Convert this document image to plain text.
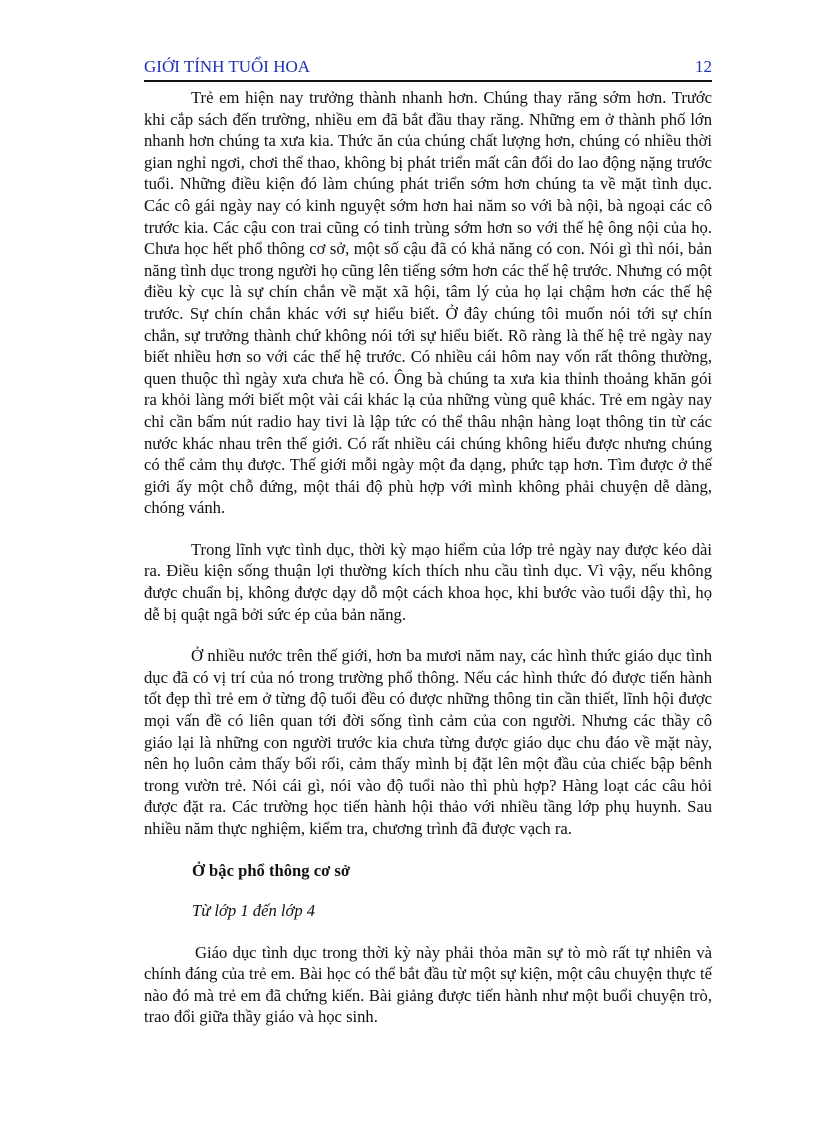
GIỚI TÍNH TUỔI HOA	12

Trẻ em hiện nay trưởng thành nhanh hơn. Chúng thay răng sớm hơn. Trước khi cắp sách đến trường, nhiều em đã bắt đầu thay răng. Những em ở thành phố lớn nhanh hơn chúng ta xưa kia. Thức ăn của chúng chất lượng hơn, chúng có nhiều thời gian nghỉ ngơi, chơi thể thao, không bị phát triển mất cân đối do lao động nặng trước tuổi. Những điều kiện đó làm chúng phát triển sớm hơn chúng ta về mặt tình dục. Các cô gái ngày nay có kinh nguyệt sớm hơn hai năm so với bà nội, bà ngoại các cô trước kia. Các cậu con trai cũng có tinh trùng sớm hơn so với thế hệ ông nội của họ. Chưa học hết phổ thông cơ sở, một số cậu đã có khả năng có con. Nói gì thì nói, bản năng tình dục trong người họ cũng lên tiếng sớm hơn các thế hệ trước. Nhưng có một điều kỳ cục là sự chín chắn về mặt xã hội, tâm lý của họ lại chậm hơn các thế hệ trước. Sự chín chắn khác với sự hiểu biết. Ở đây chúng tôi muốn nói tới sự chín chắn, sự trưởng thành chứ không nói tới sự hiểu biết. Rõ ràng là thế hệ trẻ ngày nay biết nhiều hơn so với các thế hệ trước. Có nhiều cái hôm nay vốn rất thông thường, quen thuộc thì ngày xưa chưa hề có. Ông bà chúng ta xưa kia thỉnh thoảng khăn gói ra khỏi làng mới biết một vài cái khác lạ của những vùng quê khác. Trẻ em ngày nay chỉ cần bấm nút radio hay tivi là lập tức có thể thâu nhận hàng loạt thông tin từ các nước khác nhau trên thế giới. Có rất nhiều cái chúng không hiểu được nhưng chúng có thể cảm thụ được. Thế giới mỗi ngày một đa dạng, phức tạp hơn. Tìm được ở thế giới ấy một chỗ đứng, một thái độ phù hợp với mình không phải chuyện dễ dàng, chóng vánh.

Trong lĩnh vực tình dục, thời kỳ mạo hiểm của lớp trẻ ngày nay được kéo dài ra. Điều kiện sống thuận lợi thường kích thích nhu cầu tình dục. Vì vậy, nếu không được chuẩn bị, không được dạy dỗ một cách khoa học, khi bước vào tuổi dậy thì, họ dễ bị quật ngã bởi sức ép của bản năng.

Ở nhiều nước trên thế giới, hơn ba mươi năm nay, các hình thức giáo dục tình dục đã có vị trí của nó trong trường phổ thông. Nếu các hình thức đó được tiến hành tốt đẹp thì trẻ em ở từng độ tuổi đều có được những thông tin cần thiết, lĩnh hội được mọi vấn đề có liên quan tới đời sống tình cảm của con người. Nhưng các thầy cô giáo lại là những con người trước kia chưa từng được giáo dục chu đáo về mặt này, nên họ luôn cảm thấy bối rối, cảm thấy mình bị đặt lên một đầu của chiếc bập bênh trong vườn trẻ. Nói cái gì, nói vào độ tuổi nào thì phù hợp? Hàng loạt các câu hỏi được đặt ra. Các trường học tiến hành hội thảo với nhiều tầng lớp phụ huynh. Sau nhiều năm thực nghiệm, kiểm tra, chương trình đã được vạch ra.

Ở bậc phổ thông cơ sở

Từ lớp 1 đến lớp 4

Giáo dục tình dục trong thời kỳ này phải thỏa mãn sự tò mò rất tự nhiên và chính đáng của trẻ em. Bài học có thể bắt đầu từ một sự kiện, một câu chuyện thực tế nào đó mà trẻ em đã chứng kiến. Bài giảng được tiến hành như một buổi chuyện trò, trao đổi giữa thầy giáo và học sinh.
